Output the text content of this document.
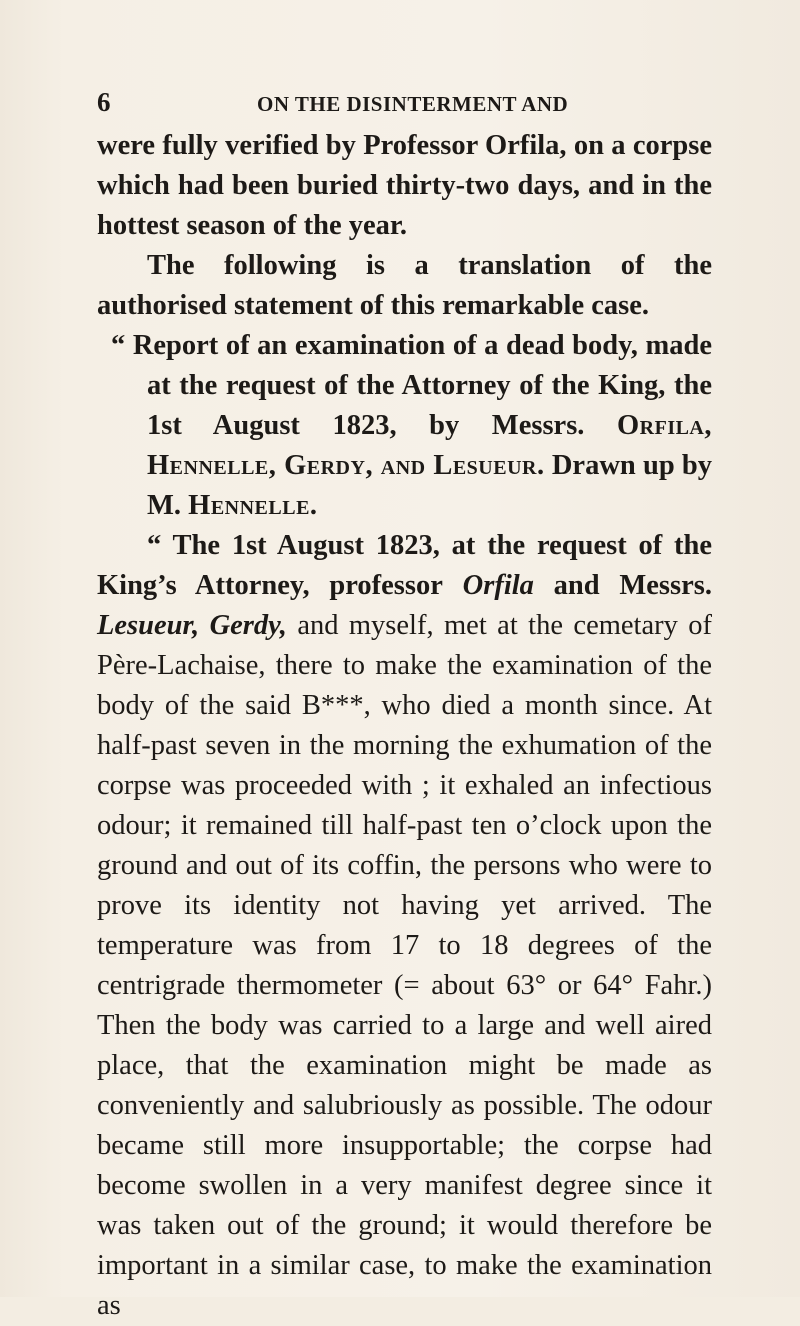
6	ON THE DISINTERMENT AND

were fully verified by Professor Orfila, on a corpse which had been buried thirty-two days, and in the hottest season of the year.

The following is a translation of the authorised statement of this remarkable case.

“ Report of an examination of a dead body, made at the request of the Attorney of the King, the 1st August 1823, by Messrs. Orfila, Hennelle, Gerdy, and Lesueur. Drawn up by M. Hennelle.

“ The 1st August 1823, at the request of the King’s Attorney, professor Orfila and Messrs. Lesueur, Gerdy, and myself, met at the cemetary of Père-Lachaise, there to make the examination of the body of the said B***, who died a month since. At half-past seven in the morning the exhumation of the corpse was proceeded with ; it exhaled an infectious odour; it remained till half-past ten o’clock upon the ground and out of its coffin, the persons who were to prove its identity not having yet arrived. The temperature was from 17 to 18 degrees of the centrigrade thermometer (= about 63° or 64° Fahr.) Then the body was carried to a large and well aired place, that the examination might be made as conveniently and salubriously as possible. The odour became still more insupportable; the corpse had become swollen in a very manifest degree since it was taken out of the ground; it would therefore be important in a similar case, to make the examination as
